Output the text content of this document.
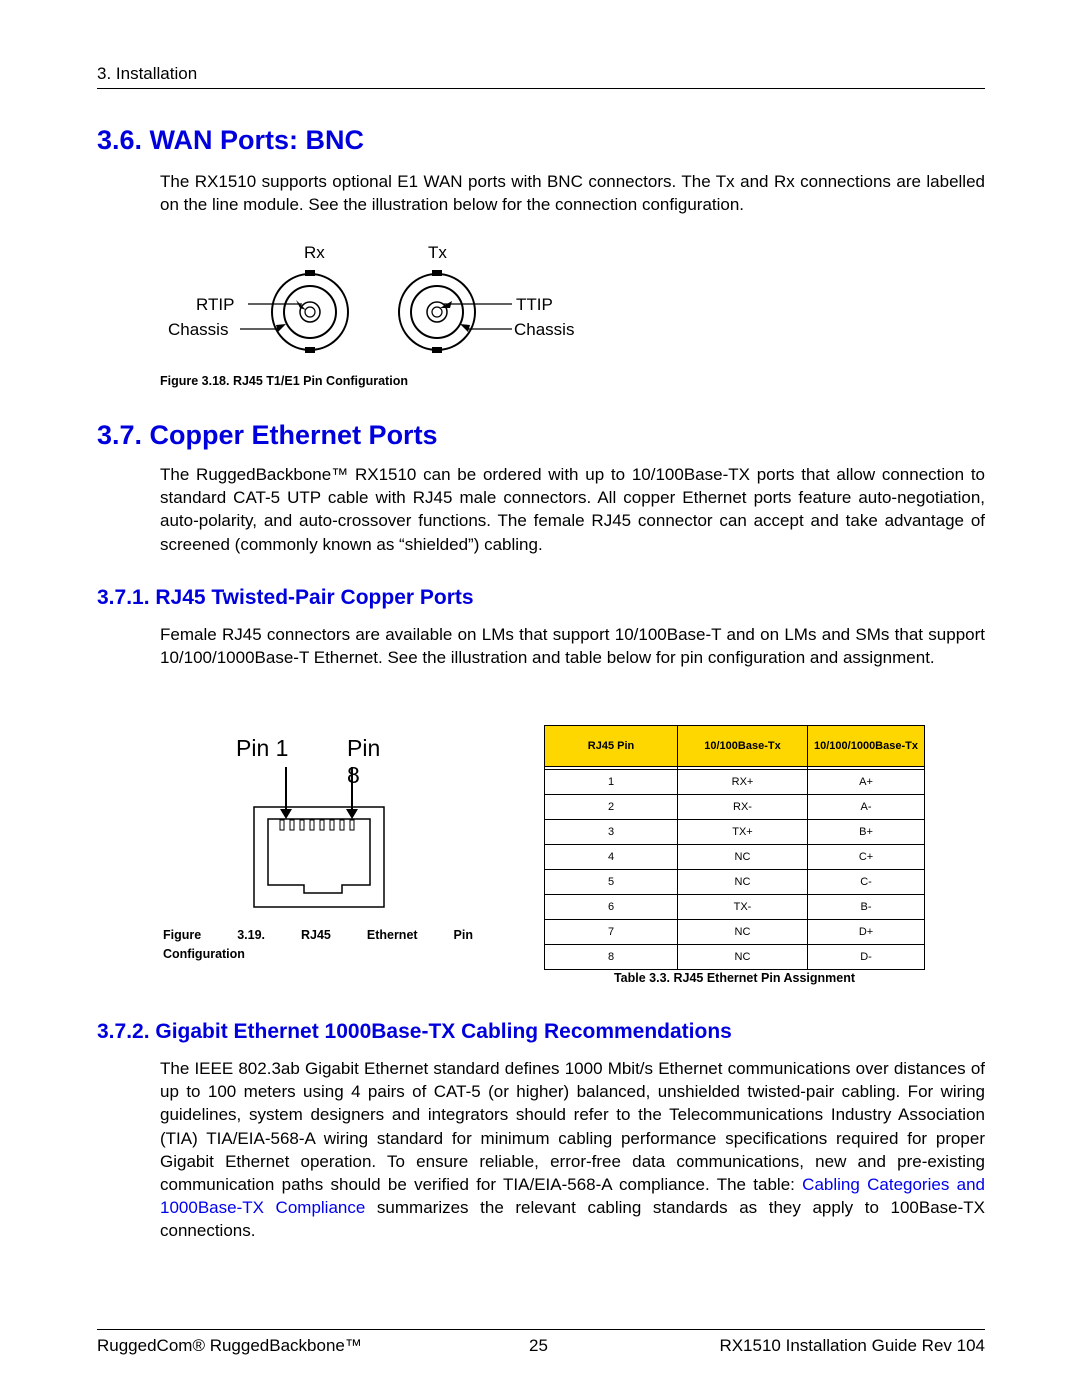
3. Installation
3.6. WAN Ports: BNC
The RX1510 supports optional E1 WAN ports with BNC connectors. The Tx and Rx connections are labelled on the line module. See the illustration below for the connection configuration.
Rx	Tx
RTIP
Chassis
TTIP
Chassis
Figure 3.18. RJ45 T1/E1 Pin Configuration
3.7. Copper Ethernet Ports
The RuggedBackbone™ RX1510 can be ordered with up to 10/100Base-TX ports that allow connection to standard CAT-5 UTP cable with RJ45 male connectors. All copper Ethernet ports feature auto-negotiation, auto-polarity, and auto-crossover functions. The female RJ45 connector can accept and take advantage of screened (commonly known as “shielded”) cabling.
3.7.1. RJ45 Twisted-Pair Copper Ports
Female RJ45 connectors are available on LMs that support 10/100Base-T and on LMs and SMs that support 10/100/1000Base-T Ethernet. See the illustration and table below for pin configuration and assignment.
Pin 1	Pin 8
Figure	3.19.	RJ45	Ethernet	Pin
Configuration
RJ45 Pin	10/100Base-Tx	10/100/1000Base-Tx

1	RX+	A+
2	RX-	A-
3	TX+	B+
4	NC	C+
5	NC	C-
6	TX-	B-
7	NC	D+
8	NC	D-
Table 3.3. RJ45 Ethernet Pin Assignment
3.7.2. Gigabit Ethernet 1000Base-TX Cabling Recommendations
The IEEE 802.3ab Gigabit Ethernet standard defines 1000 Mbit/s Ethernet communications over distances of up to 100 meters using 4 pairs of CAT-5 (or higher) balanced, unshielded twisted-pair cabling. For wiring guidelines, system designers and integrators should refer to the Telecommunications Industry Association (TIA) TIA/EIA-568-A wiring standard for minimum cabling performance specifications required for proper Gigabit Ethernet operation. To ensure reliable, error-free data communications, new and pre-existing communication paths should be verified for TIA/EIA-568-A compliance. The table: Cabling Categories and 1000Base-TX Compliance summarizes the relevant cabling standards as they apply to 100Base-TX connections.
RuggedCom® RuggedBackbone™	25	RX1510 Installation Guide Rev 104
